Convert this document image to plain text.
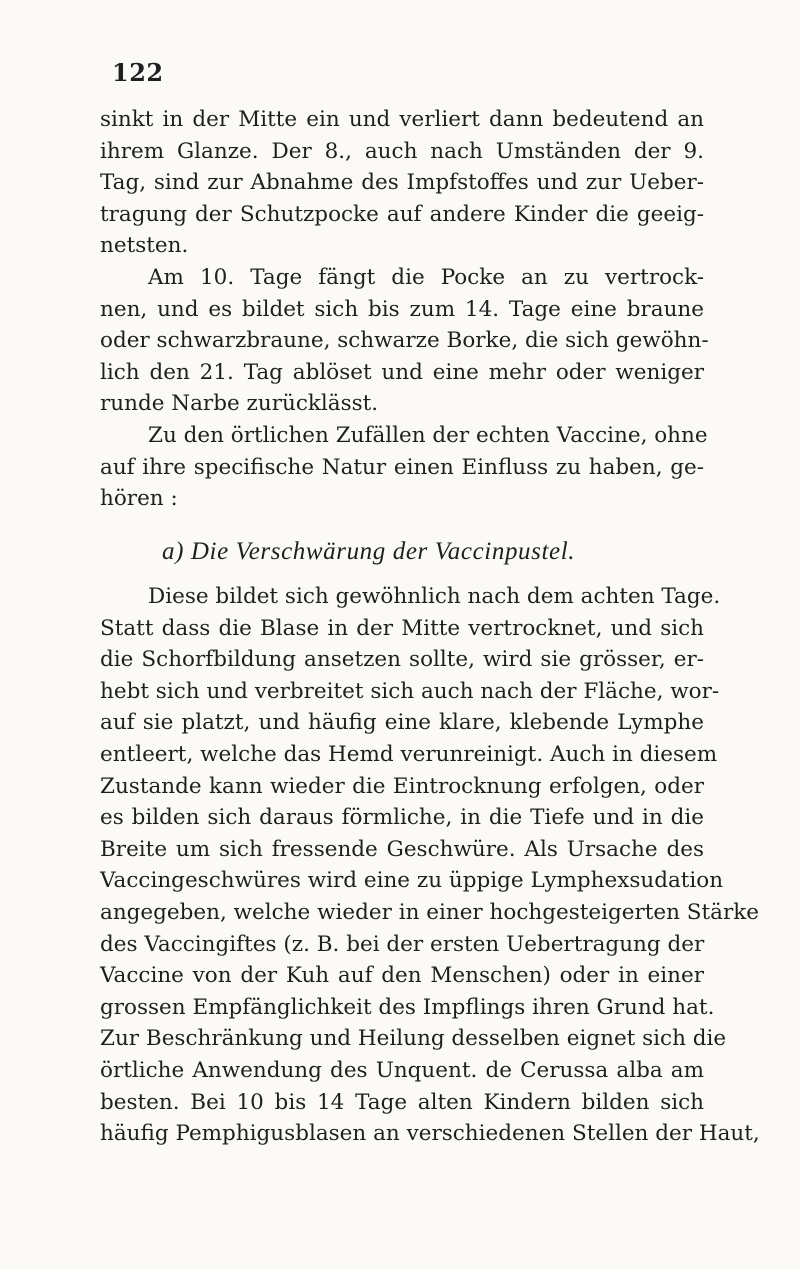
122
sinkt in der Mitte ein und verliert dann bedeutend an
ihrem Glanze. Der 8., auch nach Umständen der 9.
Tag, sind zur Abnahme des Impfstoffes und zur Ueber-
tragung der Schutzpocke auf andere Kinder die geeig-
netsten.
Am 10. Tage fängt die Pocke an zu vertrock-
nen, und es bildet sich bis zum 14. Tage eine braune
oder schwarzbraune, schwarze Borke, die sich gewöhn-
lich den 21. Tag ablöset und eine mehr oder weniger
runde Narbe zurücklässt.
Zu den örtlichen Zufällen der echten Vaccine, ohne
auf ihre specifische Natur einen Einfluss zu haben, ge-
hören :
a) Die Verschwärung der Vaccinpustel.
Diese bildet sich gewöhnlich nach dem achten Tage.
Statt dass die Blase in der Mitte vertrocknet, und sich
die Schorfbildung ansetzen sollte, wird sie grösser, er-
hebt sich und verbreitet sich auch nach der Fläche, wor-
auf sie platzt, und häufig eine klare, klebende Lymphe
entleert, welche das Hemd verunreinigt. Auch in diesem
Zustande kann wieder die Eintrocknung erfolgen, oder
es bilden sich daraus förmliche, in die Tiefe und in die
Breite um sich fressende Geschwüre. Als Ursache des
Vaccingeschwüres wird eine zu üppige Lymphexsudation
angegeben, welche wieder in einer hochgesteigerten Stärke
des Vaccingiftes (z. B. bei der ersten Uebertragung der
Vaccine von der Kuh auf den Menschen) oder in einer
grossen Empfänglichkeit des Impflings ihren Grund hat.
Zur Beschränkung und Heilung desselben eignet sich die
örtliche Anwendung des Unquent. de Cerussa alba am
besten. Bei 10 bis 14 Tage alten Kindern bilden sich
häufig Pemphigusblasen an verschiedenen Stellen der Haut,
